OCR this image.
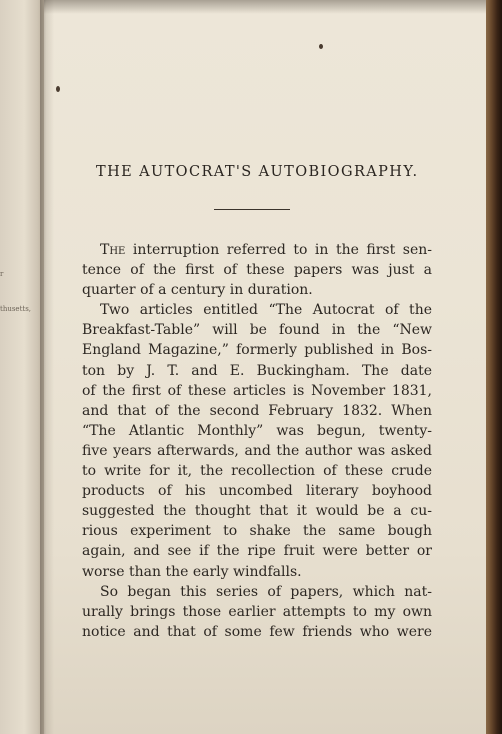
r
thusetts,
THE AUTOCRAT'S AUTOBIOGRAPHY.
The interruption referred to in the first sen-
tence of the first of these papers was just a
quarter of a century in duration.
Two articles entitled “The Autocrat of the
Breakfast-Table” will be found in the “New
England Magazine,” formerly published in Bos-
ton by J. T. and E. Buckingham. The date
of the first of these articles is November 1831,
and that of the second February 1832. When
“The Atlantic Monthly” was begun, twenty-
five years afterwards, and the author was asked
to write for it, the recollection of these crude
products of his uncombed literary boyhood
suggested the thought that it would be a cu-
rious experiment to shake the same bough
again, and see if the ripe fruit were better or
worse than the early windfalls.
So began this series of papers, which nat-
urally brings those earlier attempts to my own
notice and that of some few friends who were
